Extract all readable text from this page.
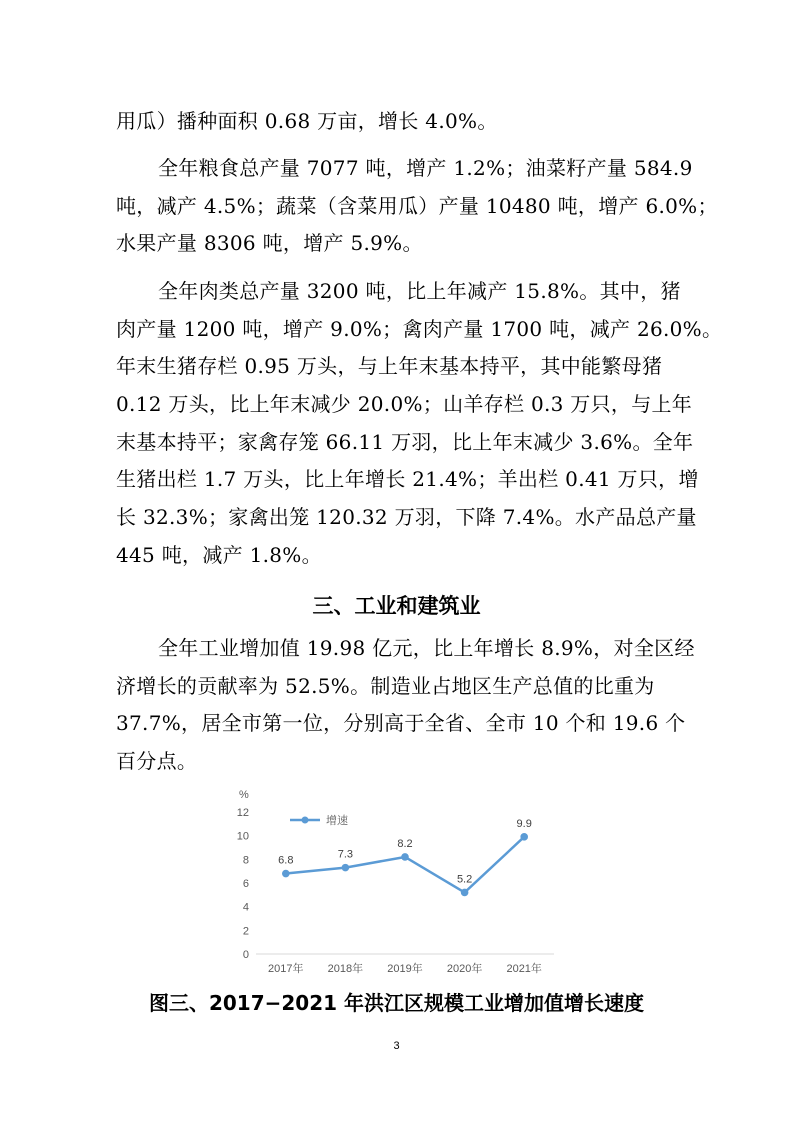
用瓜）播种面积 0.68 万亩，增长 4.0%。
全年粮食总产量 7077 吨，增产 1.2%；油菜籽产量 584.9
吨，减产 4.5%；蔬菜（含菜用瓜）产量 10480 吨，增产 6.0%；
水果产量 8306 吨，增产 5.9%。
全年肉类总产量 3200 吨，比上年减产 15.8%。其中，猪
肉产量 1200 吨，增产 9.0%；禽肉产量 1700 吨，减产 26.0%。
年末生猪存栏 0.95 万头，与上年末基本持平，其中能繁母猪
0.12 万头，比上年末减少 20.0%；山羊存栏 0.3 万只，与上年
末基本持平；家禽存笼 66.11 万羽，比上年末减少 3.6%。全年
生猪出栏 1.7 万头，比上年增长 21.4%；羊出栏 0.41 万只，增
长 32.3%；家禽出笼 120.32 万羽，下降 7.4%。水产品总产量
445 吨，减产 1.8%。
三、工业和建筑业
全年工业增加值 19.98 亿元，比上年增长 8.9%，对全区经
济增长的贡献率为 52.5%。制造业占地区生产总值的比重为
37.7%，居全市第一位，分别高于全省、全市 10 个和 19.6 个
百分点。
%
0
2
4
6
8
10
12
2017年 2018年 2019年 2020年 2021年
增速
6.8	7.3
8.2
5.2
9.9
图三、2017−2021 年洪江区规模工业增加值增长速度
3
